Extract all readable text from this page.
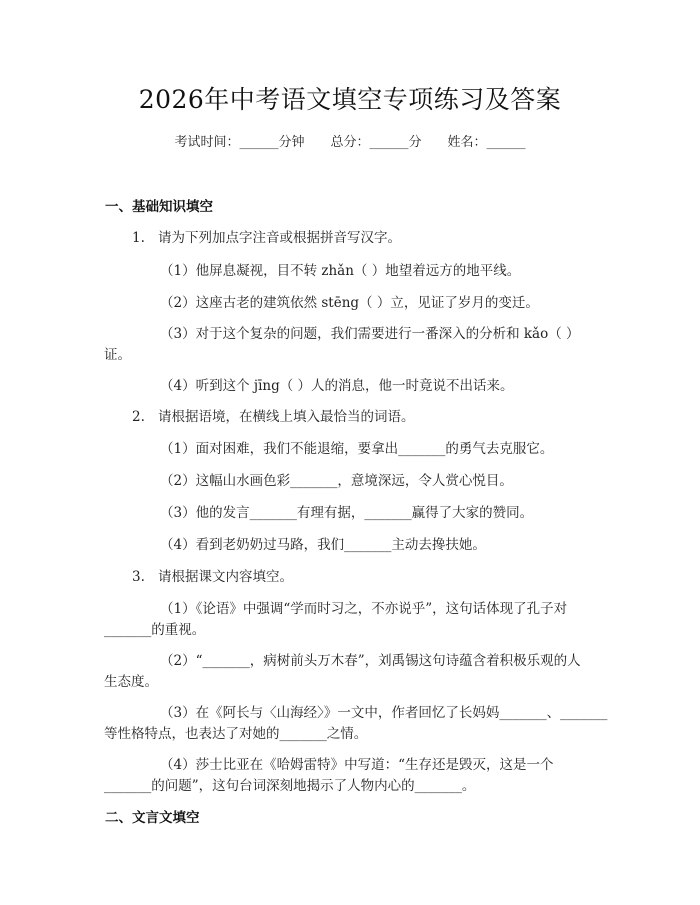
2026年中考语文填空专项练习及答案
考试时间：______分钟 总分：______分 姓名：______
一、基础知识填空
1. 请为下列加点字注音或根据拼音写汉字。
（1）他屏息凝视，目不转 zhǎn（ ）地望着远方的地平线。
（2）这座古老的建筑依然 stēng（ ）立，见证了岁月的变迁。
（3）对于这个复杂的问题，我们需要进行一番深入的分析和 kǎo（ ）
证。
（4）听到这个 jīng（ ）人的消息，他一时竟说不出话来。
2. 请根据语境，在横线上填入最恰当的词语。
（1）面对困难，我们不能退缩，要拿出_______的勇气去克服它。
（2）这幅山水画色彩_______，意境深远，令人赏心悦目。
（3）他的发言_______有理有据，_______赢得了大家的赞同。
（4）看到老奶奶过马路，我们_______主动去搀扶她。
3. 请根据课文内容填空。
（1）《论语》中强调“学而时习之，不亦说乎”，这句话体现了孔子对
_______的重视。
（2）“_______，病树前头万木春”，刘禹锡这句诗蕴含着积极乐观的人
生态度。
（3）在《阿长与〈山海经〉》一文中，作者回忆了长妈妈_______、_______
等性格特点，也表达了对她的_______之情。
（4）莎士比亚在《哈姆雷特》中写道：“生存还是毁灭，这是一个
_______的问题”，这句台词深刻地揭示了人物内心的_______。
二、文言文填空
